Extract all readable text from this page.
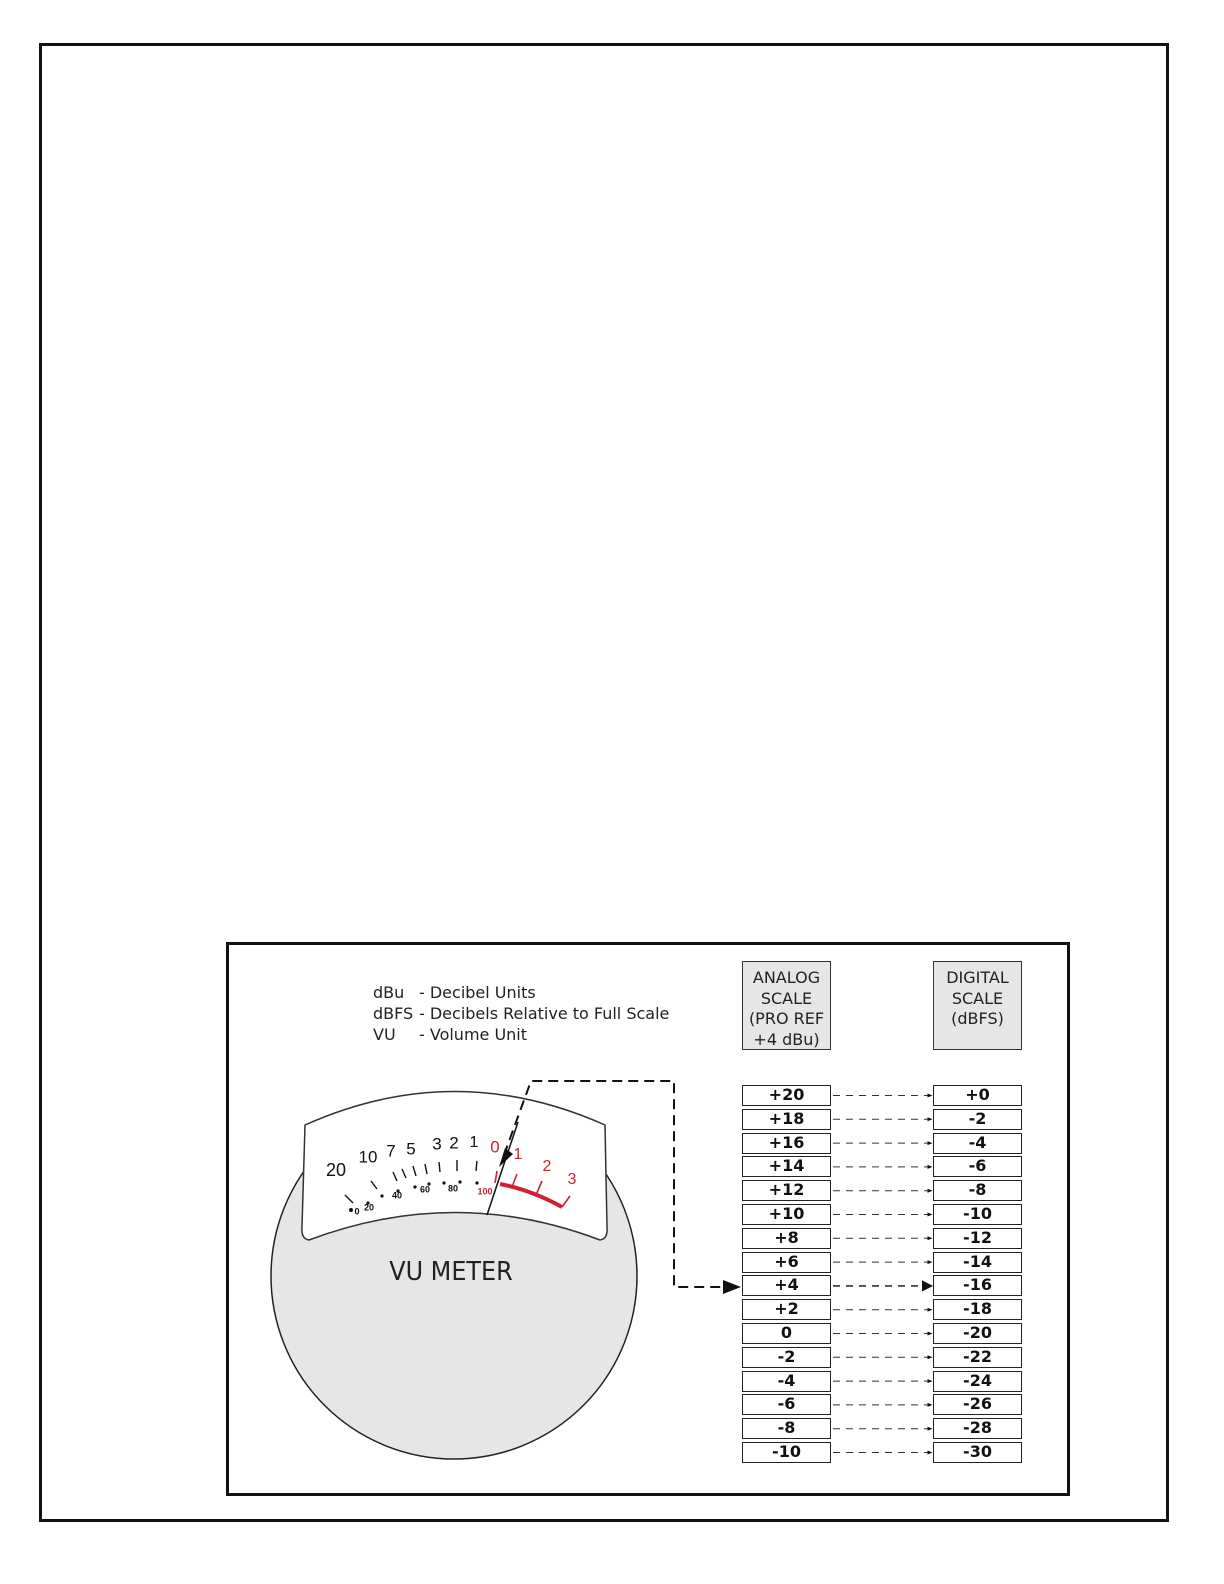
20
10 7 5 3 2 1 0 1
2
3
0 20
40
60 80 100
VU METER
dBu - Decibel Units
dBFS - Decibels Relative to Full Scale
VU	- Volume Unit
ANALOG
SCALE
(PRO REF
+4 dBu)
DIGITAL
SCALE
(dBFS)
+20
+18
+16
+14
+12
+10
+8
+6
+4
+2
0
-2
-4
-6
-8
-10
+0
-2
-4
-6
-8
-10
-12
-14
-16
-18
-20
-22
-24
-26
-28
-30
